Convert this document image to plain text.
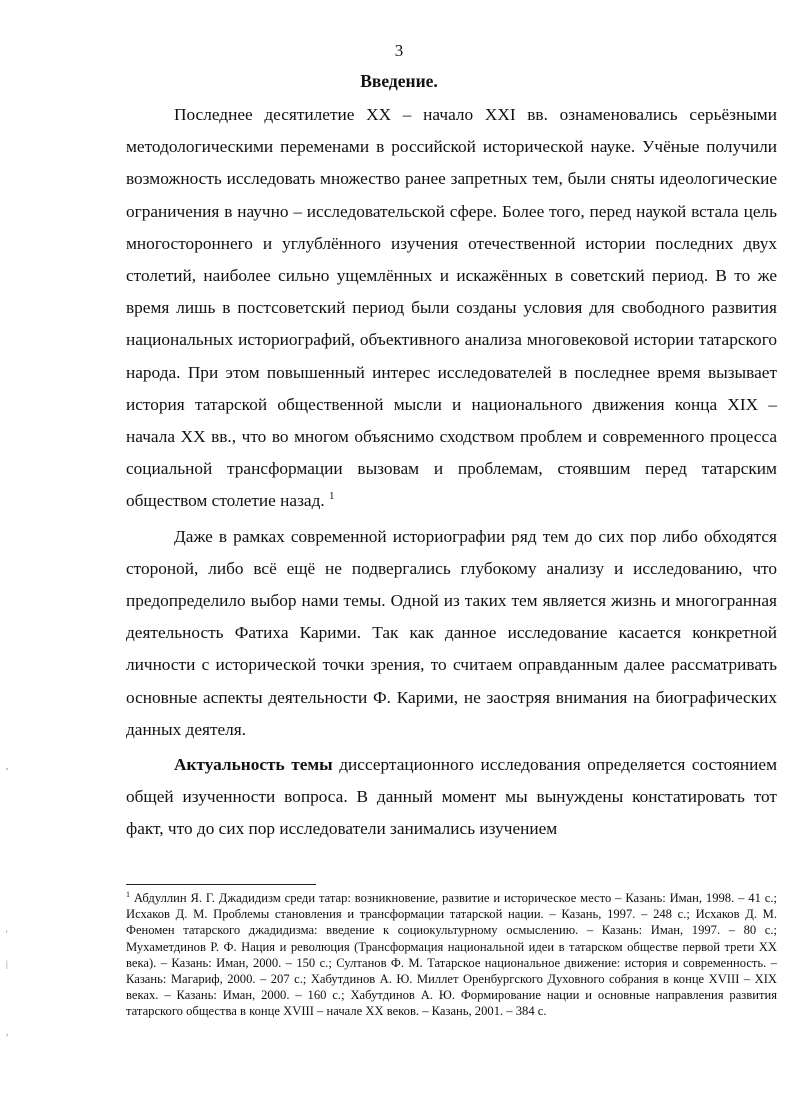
3
Введение.

Последнее десятилетие XX – начало XXI вв. ознаменовались серьёзными методологическими переменами в российской исторической науке. Учёные получили возможность исследовать множество ранее запретных тем, были сняты идеологические ограничения в научно – исследовательской сфере. Более того, перед наукой встала цель многостороннего и углублённого изучения отечественной истории последних двух столетий, наиболее сильно ущемлённых и искажённых в советский период. В то же время лишь в постсоветский период были созданы условия для свободного развития национальных историографий, объективного анализа многовековой истории татарского народа. При этом повышенный интерес исследователей в последнее время вызывает история татарской общественной мысли и национального движения конца XIX – начала XX вв., что во многом объяснимо сходством проблем и современного процесса социальной трансформации вызовам и проблемам, стоявшим перед татарским обществом столетие назад. $^1$

Даже в рамках современной историографии ряд тем до сих пор либо обходятся стороной, либо всё ещё не подвергались глубокому анализу и исследованию, что предопределило выбор нами темы. Одной из таких тем является жизнь и многогранная деятельность Фатиха Карими. Так как данное исследование касается конкретной личности с исторической точки зрения, то считаем оправданным далее рассматривать основные аспекты деятельности Ф. Карими, не заостряя внимания на биографических данных деятеля.

Актуальность темы диссертационного исследования определяется состоянием общей изученности вопроса. В данный момент мы вынуждены констатировать тот факт, что до сих пор исследователи занимались изучением

$^1$ Абдуллин Я. Г. Джадидизм среди татар: возникновение, развитие и историческое место – Казань: Иман, 1998. – 41 с.; Исхаков Д. М. Проблемы становления и трансформации татарской нации. – Казань, 1997. – 248 с.; Исхаков Д. М. Феномен татарского джадидизма: введение к социокультурному осмыслению. – Казань: Иман, 1997. – 80 с.; Мухаметдинов Р. Ф. Нация и революция (Трансформация национальной идеи в татарском обществе первой трети XX века). – Казань: Иман, 2000. – 150 с.; Султанов Ф. М. Татарское национальное движение: история и современность. – Казань: Магариф, 2000. – 207 с.; Хабутдинов А. Ю. Миллет Оренбургского Духовного собрания в конце XVIII – XIX веках. – Казань: Иман, 2000. – 160 с.; Хабутдинов А. Ю. Формирование нации и основные направления развития татарского общества в конце XVIII – начале XX веков. – Казань, 2001. – 384 с.
,
'
|
,
